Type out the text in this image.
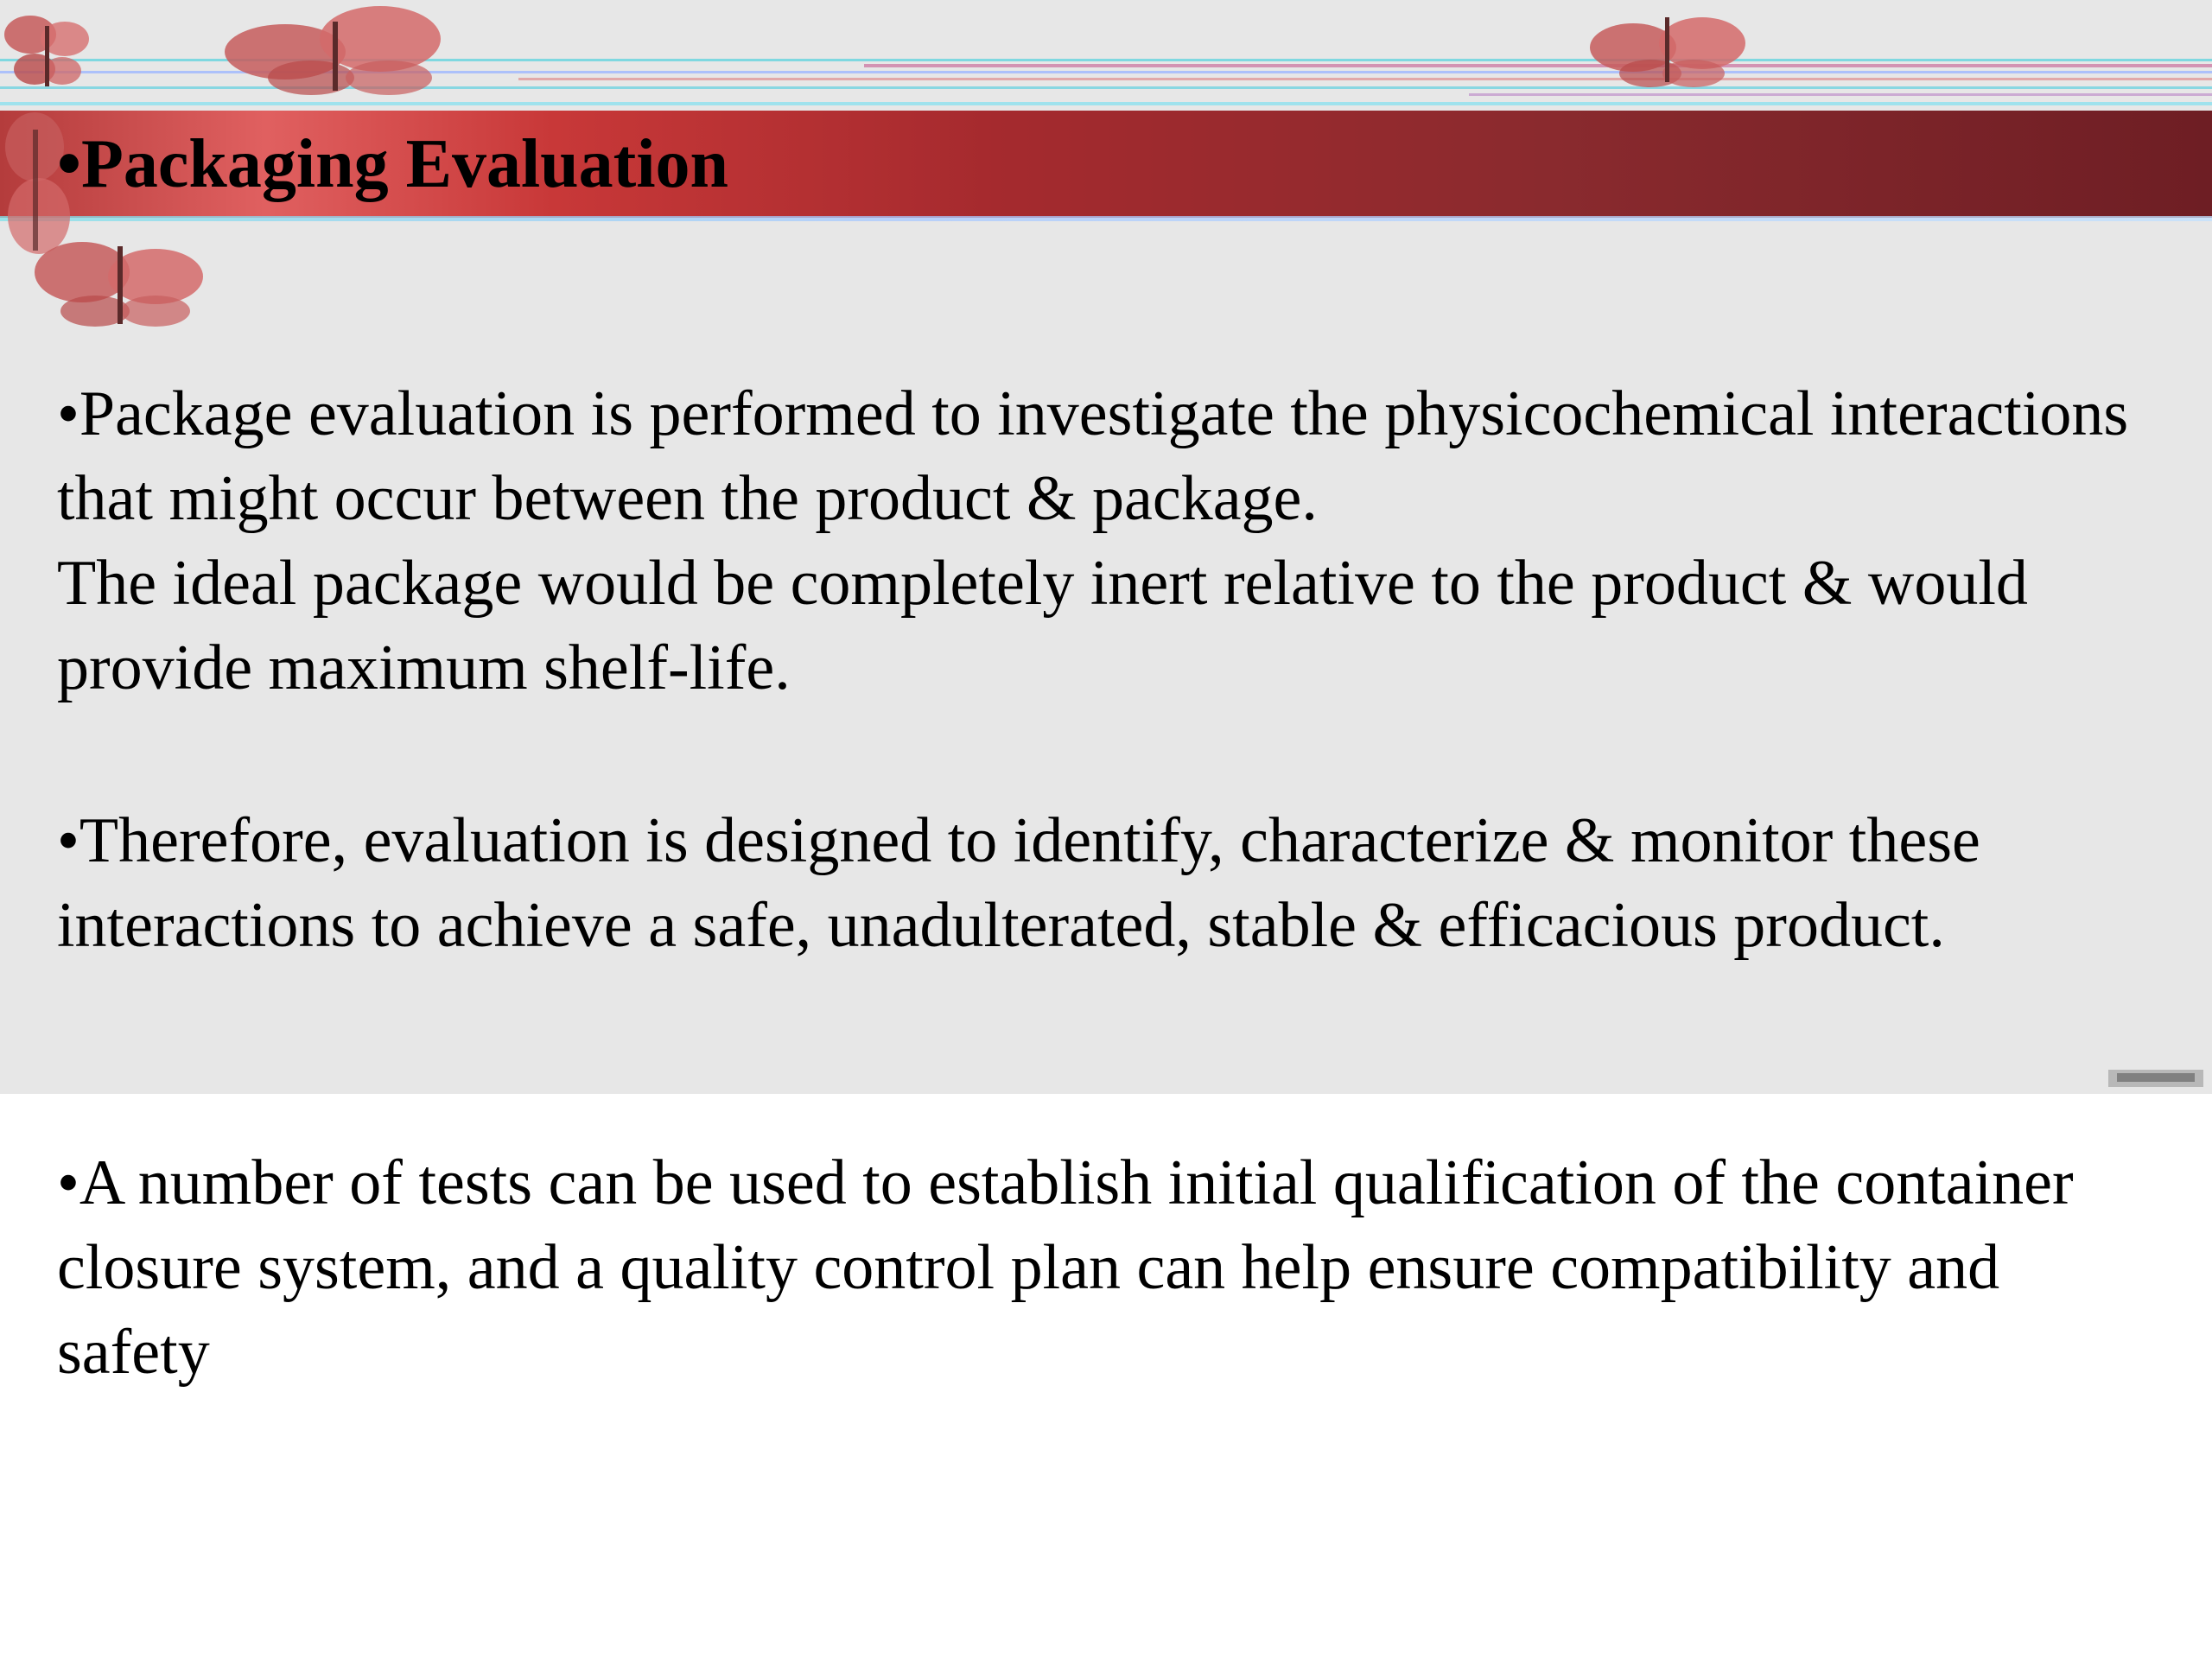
•Packaging Evaluation

•Package evaluation is performed to investigate the physicochemical interactions that might occur between the product & package.

The ideal package would be completely inert relative to the product & would provide maximum shelf-life.

•Therefore, evaluation is designed to identify, characterize & monitor these interactions to achieve a safe, unadulterated, stable & efficacious product.

•A number of tests can be used to establish initial qualification of the container closure system, and a quality control plan can help ensure compatibility and safety
